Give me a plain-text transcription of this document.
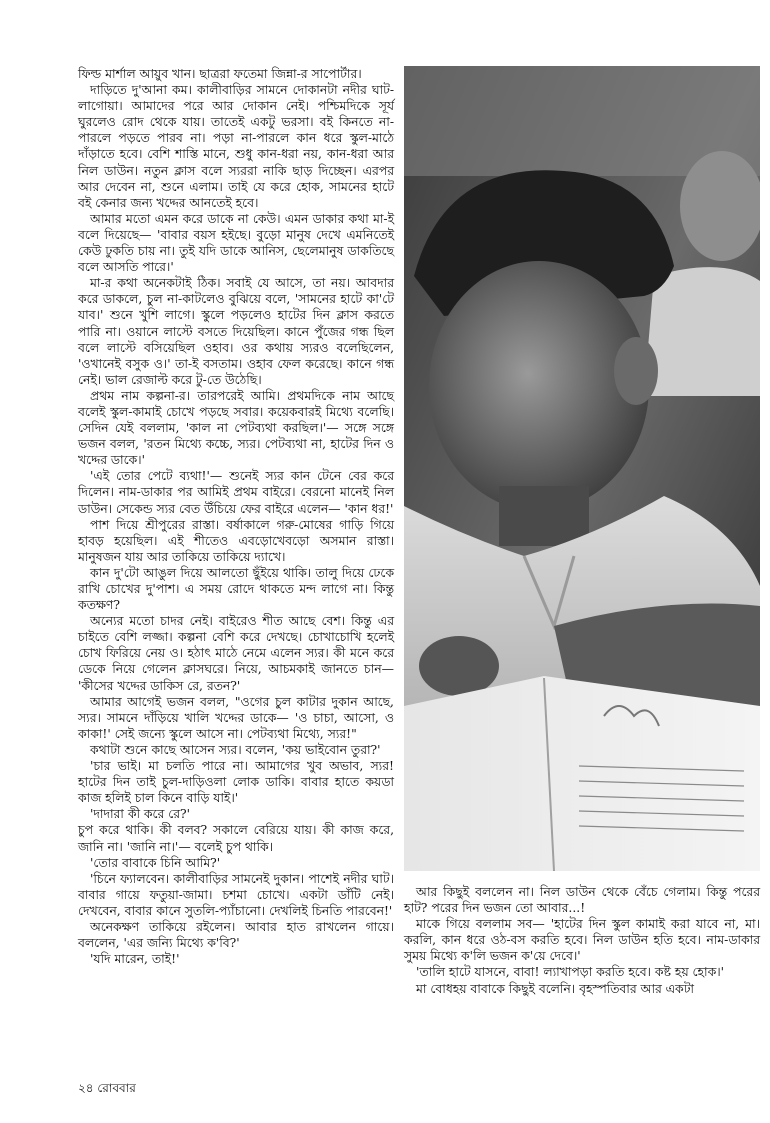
ফিল্ড মার্শাল আয়ুব খান। ছাত্ররা ফতেমা জিন্না-র সাপোর্টার।

দাড়িতে দু'আনা কম। কালীবাড়ির সামনে দোকানটা নদীর ঘাট-লাগোয়া। আমাদের পরে আর দোকান নেই। পশ্চিমদিকে সূর্য ঘুরলেও রোদ থেকে যায়। তাতেই একটু ভরসা। বই কিনতে না-পারলে পড়তে পারব না। পড়া না-পারলে কান ধরে স্কুল-মাঠে দাঁড়াতে হবে। বেশি শাস্তি মানে, শুধু কান-ধরা নয়, কান-ধরা আর নিল ডাউন। নতুন ক্লাস বলে স্যররা নাকি ছাড় দিচ্ছেন। এরপর আর দেবেন না, শুনে এলাম। তাই যে করে হোক, সামনের হাটে বই কেনার জন্য খদ্দের আনতেই হবে।

আমার মতো এমন করে ডাকে না কেউ। এমন ডাকার কথা মা-ই বলে দিয়েছে— 'বাবার বয়স হইছে। বুড়ো মানুষ দেখে এমনিতেই কেউ ঢুকতি চায় না। তুই যদি ডাকে আনিস, ছেলেমানুষ ডাকতিছে বলে আসতি পারে।'

মা-র কথা অনেকটাই ঠিক। সবাই যে আসে, তা নয়। আবদার করে ডাকলে, চুল না-কাটলেও বুঝিয়ে বলে, 'সামনের হাটে কা'টে যাব।' শুনে খুশি লাগে। স্কুলে পড়লেও হাটের দিন ক্লাস করতে পারি না। ওয়ানে লাস্টে বসতে দিয়েছিল। কানে পুঁজের গন্ধ ছিল বলে লাস্টে বসিয়েছিল ওহাব। ওর কথায় স্যরও বলেছিলেন, 'ওখানেই বসুক ও।' তা-ই বসতাম। ওহাব ফেল করেছে। কানে গন্ধ নেই। ভাল রেজাল্ট করে টু-তে উঠেছি।

প্রথম নাম কল্পনা-র। তারপরেই আমি। প্রথমদিকে নাম আছে বলেই স্কুল-কামাই চোখে পড়ছে সবার। কয়েকবারই মিথ্যে বলেছি। সেদিন যেই বললাম, 'কাল না পেটব্যথা করছিল।'— সঙ্গে সঙ্গে ভজন বলল, 'রতন মিথ্যে কচ্চে, স্যর। পেটব্যথা না, হাটের দিন ও খদ্দের ডাকে।'

'এই তোর পেটে ব্যথা!'— শুনেই স্যর কান টেনে বের করে দিলেন। নাম-ডাকার পর আমিই প্রথম বাইরে। বেরনো মানেই নিল ডাউন। সেকেন্ড স্যর বেত উঁচিয়ে ফের বাইরে এলেন— 'কান ধর!'

পাশ দিয়ে শ্রীপুরের রাস্তা। বর্ষাকালে গরু-মোষের গাড়ি গিয়ে হাবড় হয়েছিল। এই শীতেও এবড়োখেবড়ো অসমান রাস্তা। মানুষজন যায় আর তাকিয়ে তাকিয়ে দ্যাখে।

কান দু'টো আঙুল দিয়ে আলতো ছুঁইয়ে থাকি। তালু দিয়ে ঢেকে রাখি চোখের দু'পাশ। এ সময় রোদে থাকতে মন্দ লাগে না। কিন্তু কতক্ষণ?

অন্যের মতো চাদর নেই। বাইরেও শীত আছে বেশ। কিন্তু এর চাইতে বেশি লজ্জা। কল্পনা বেশি করে দেখছে। চোখাচোখি হলেই চোখ ফিরিয়ে নেয় ও। হঠাৎ মাঠে নেমে এলেন স্যর। কী মনে করে ডেকে নিয়ে গেলেন ক্লাসঘরে। নিয়ে, আচমকাই জানতে চান— 'কীসের খদ্দের ডাকিস রে, রতন?'

আমার আগেই ভজন বলল, "ওগের চুল কাটার দুকান আছে, স্যর। সামনে দাঁড়িয়ে খালি খদ্দের ডাকে— 'ও চাচা, আসো, ও কাকা!' সেই জন্যে স্কুলে আসে না। পেটব্যথা মিথ্যে, স্যর!"

কথাটা শুনে কাছে আসেন স্যর। বলেন, 'কয় ভাইবোন তুরা?'

'চার ভাই। মা চলতি পারে না। আমাগের খুব অভাব, স্যর! হাটের দিন তাই চুল-দাড়িওলা লোক ডাকি। বাবার হাতে কয়ডা কাজ হলিই চাল কিনে বাড়ি যাই।'

'দাদারা কী করে রে?'

চুপ করে থাকি। কী বলব? সকালে বেরিয়ে যায়। কী কাজ করে, জানি না। 'জানি না।'— বলেই চুপ থাকি।

'তোর বাবাকে চিনি আমি?'

'চিনে ফ্যালবেন। কালীবাড়ির সামনেই দুকান। পাশেই নদীর ঘাট। বাবার গায়ে ফতুয়া-জামা। চশমা চোখে। একটা ডাঁটি নেই। দেখবেন, বাবার কানে সুতলি-প্যাঁচানো। দেখলিই চিনতি পারবেন!'

অনেকক্ষণ তাকিয়ে রইলেন। আবার হাত রাখলেন গায়ে। বললেন, 'এর জন্যি মিথ্যে ক'বি?'

'যদি মারেন, তাই!'

আর কিছুই বললেন না। নিল ডাউন থেকে বেঁচে গেলাম। কিন্তু পরের হাট? পরের দিন ভজন তো আবার...!

মাকে গিয়ে বললাম সব— 'হাটের দিন স্কুল কামাই করা যাবে না, মা। করলি, কান ধরে ওঠ-বস করতি হবে। নিল ডাউন হতি হবে। নাম-ডাকার সুময় মিথ্যে ক'লি ভজন ক'য়ে দেবে।'

'তালি হাটে যাসনে, বাবা! ল্যাখাপড়া করতি হবে। কষ্ট হয় হোক।'

মা বোধহয় বাবাকে কিছুই বলেনি। বৃহস্পতিবার আর একটা

২৪ রোববার
